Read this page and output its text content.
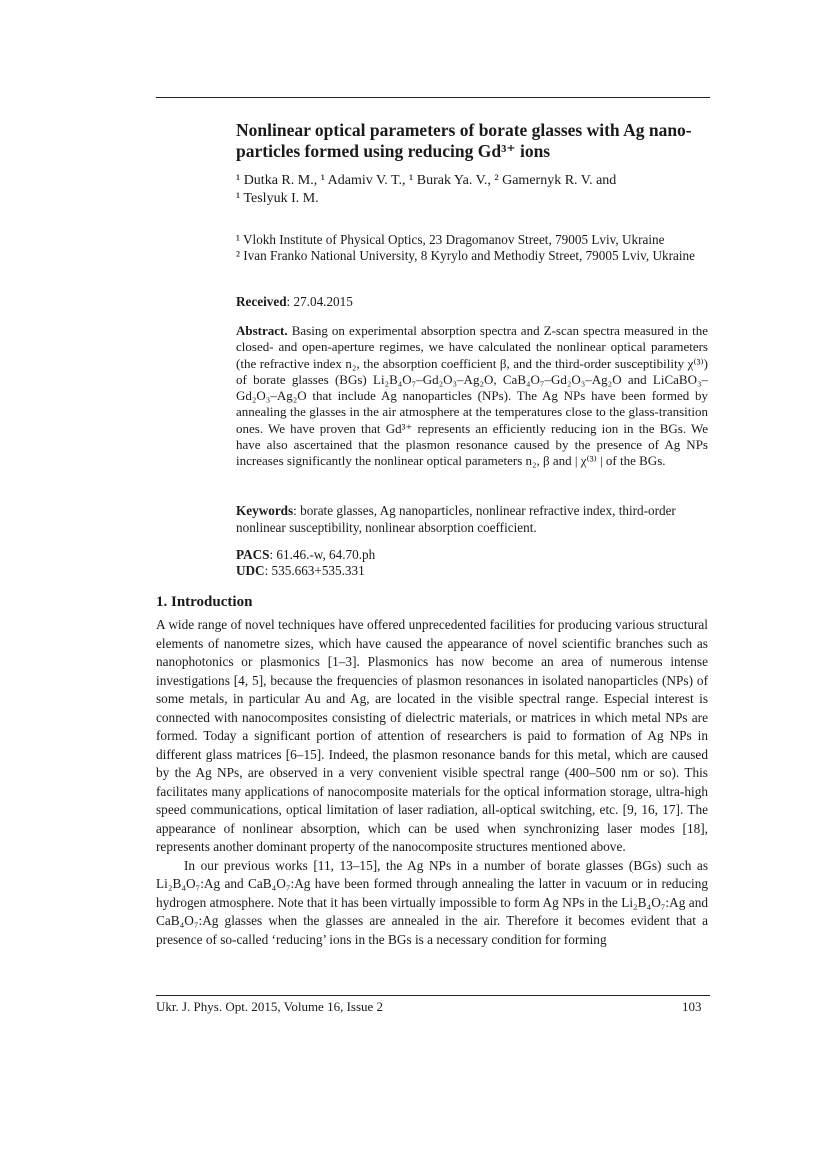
Nonlinear optical parameters of borate glasses with Ag nano-particles formed using reducing Gd³⁺ ions
¹ Dutka R. M., ¹ Adamiv V. T., ¹ Burak Ya. V., ² Gamernyk R. V. and
¹ Teslyuk I. M.
¹ Vlokh Institute of Physical Optics, 23 Dragomanov Street, 79005 Lviv, Ukraine
² Ivan Franko National University, 8 Kyrylo and Methodiy Street, 79005 Lviv, Ukraine
Received: 27.04.2015
Abstract. Basing on experimental absorption spectra and Z-scan spectra measured in the closed- and open-aperture regimes, we have calculated the nonlinear optical parameters (the refractive index n₂, the absorption coefficient β, and the third-order susceptibility χ⁽³⁾) of borate glasses (BGs) Li₂B₄O₇–Gd₂O₃–Ag₂O, CaB₄O₇–Gd₂O₃–Ag₂O and LiCaBO₃–Gd₂O₃–Ag₂O that include Ag nanoparticles (NPs). The Ag NPs have been formed by annealing the glasses in the air atmosphere at the temperatures close to the glass-transition ones. We have proven that Gd³⁺ represents an efficiently reducing ion in the BGs. We have also ascertained that the plasmon resonance caused by the presence of Ag NPs increases significantly the nonlinear optical parameters n₂, β and | χ⁽³⁾ | of the BGs.
Keywords: borate glasses, Ag nanoparticles, nonlinear refractive index, third-order nonlinear susceptibility, nonlinear absorption coefficient.
PACS: 61.46.-w, 64.70.ph
UDC: 535.663+535.331
1. Introduction

A wide range of novel techniques have offered unprecedented facilities for producing various structural elements of nanometre sizes, which have caused the appearance of novel scientific branches such as nanophotonics or plasmonics [1–3]. Plasmonics has now become an area of numerous intense investigations [4, 5], because the frequencies of plasmon resonances in isolated nanoparticles (NPs) of some metals, in particular Au and Ag, are located in the visible spectral range. Especial interest is connected with nanocomposites consisting of dielectric materials, or matrices in which metal NPs are formed. Today a significant portion of attention of researchers is paid to formation of Ag NPs in different glass matrices [6–15]. Indeed, the plasmon resonance bands for this metal, which are caused by the Ag NPs, are observed in a very convenient visible spectral range (400–500 nm or so). This facilitates many applications of nanocomposite materials for the optical information storage, ultra-high speed communications, optical limitation of laser radiation, all-optical switching, etc. [9, 16, 17]. The appearance of nonlinear absorption, which can be used when synchronizing laser modes [18], represents another dominant property of the nanocomposite structures mentioned above.

In our previous works [11, 13–15], the Ag NPs in a number of borate glasses (BGs) such as Li₂B₄O₇:Ag and CaB₄O₇:Ag have been formed through annealing the latter in vacuum or in reducing hydrogen atmosphere. Note that it has been virtually impossible to form Ag NPs in the Li₂B₄O₇:Ag and CaB₄O₇:Ag glasses when the glasses are annealed in the air. Therefore it becomes evident that a presence of so-called ‘reducing’ ions in the BGs is a necessary condition for forming

Ukr. J. Phys. Opt. 2015, Volume 16, Issue 2	103
